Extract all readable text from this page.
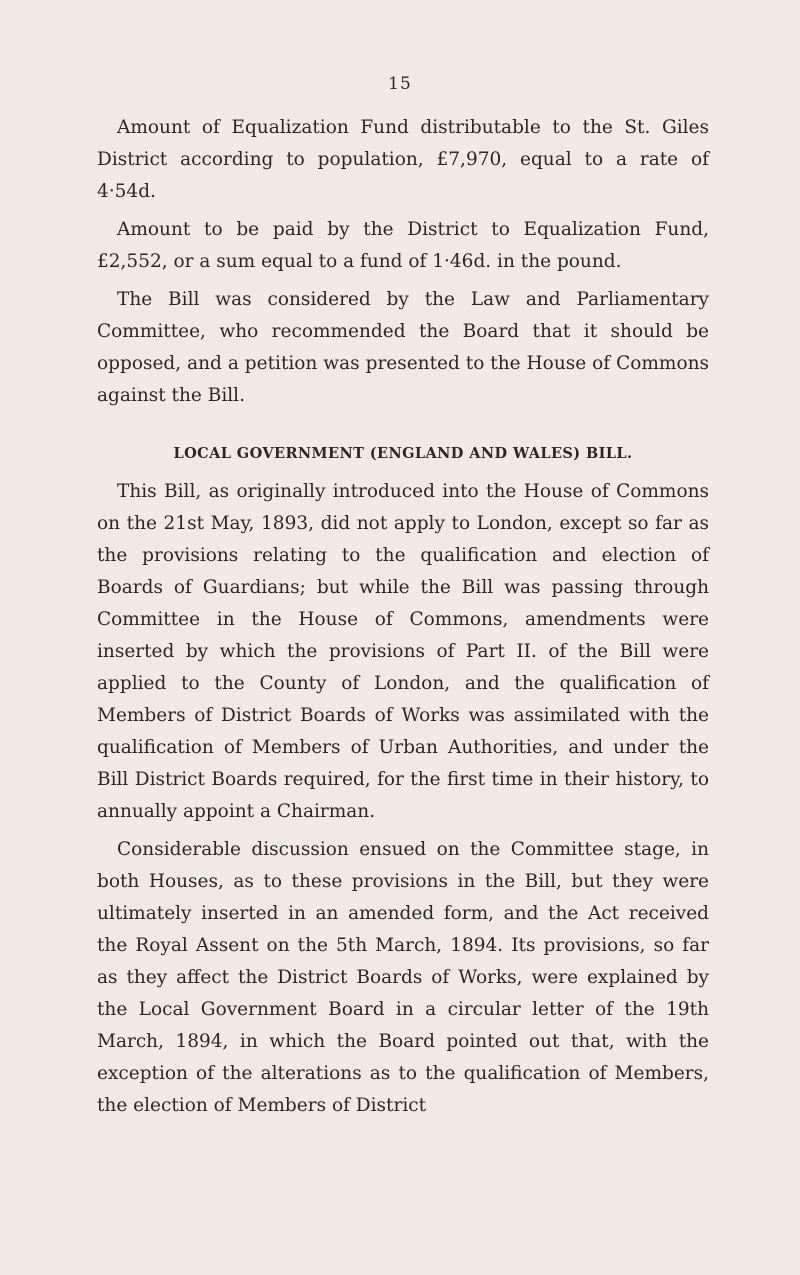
15

Amount of Equalization Fund distributable to the St. Giles District according to population, £7,970, equal to a rate of 4·54d.

Amount to be paid by the District to Equalization Fund, £2,552, or a sum equal to a fund of 1·46d. in the pound.

The Bill was considered by the Law and Parliamentary Committee, who recommended the Board that it should be opposed, and a petition was presented to the House of Commons against the Bill.

LOCAL GOVERNMENT (ENGLAND AND WALES) BILL.

This Bill, as originally introduced into the House of Commons on the 21st May, 1893, did not apply to London, except so far as the provisions relating to the qualification and election of Boards of Guardians; but while the Bill was passing through Committee in the House of Commons, amendments were inserted by which the provisions of Part II. of the Bill were applied to the County of London, and the qualification of Members of District Boards of Works was assimilated with the qualification of Members of Urban Authorities, and under the Bill District Boards required, for the first time in their history, to annually appoint a Chairman.

Considerable discussion ensued on the Committee stage, in both Houses, as to these provisions in the Bill, but they were ultimately inserted in an amended form, and the Act received the Royal Assent on the 5th March, 1894. Its provisions, so far as they affect the District Boards of Works, were explained by the Local Government Board in a circular letter of the 19th March, 1894, in which the Board pointed out that, with the exception of the alterations as to the qualification of Members, the election of Members of District
